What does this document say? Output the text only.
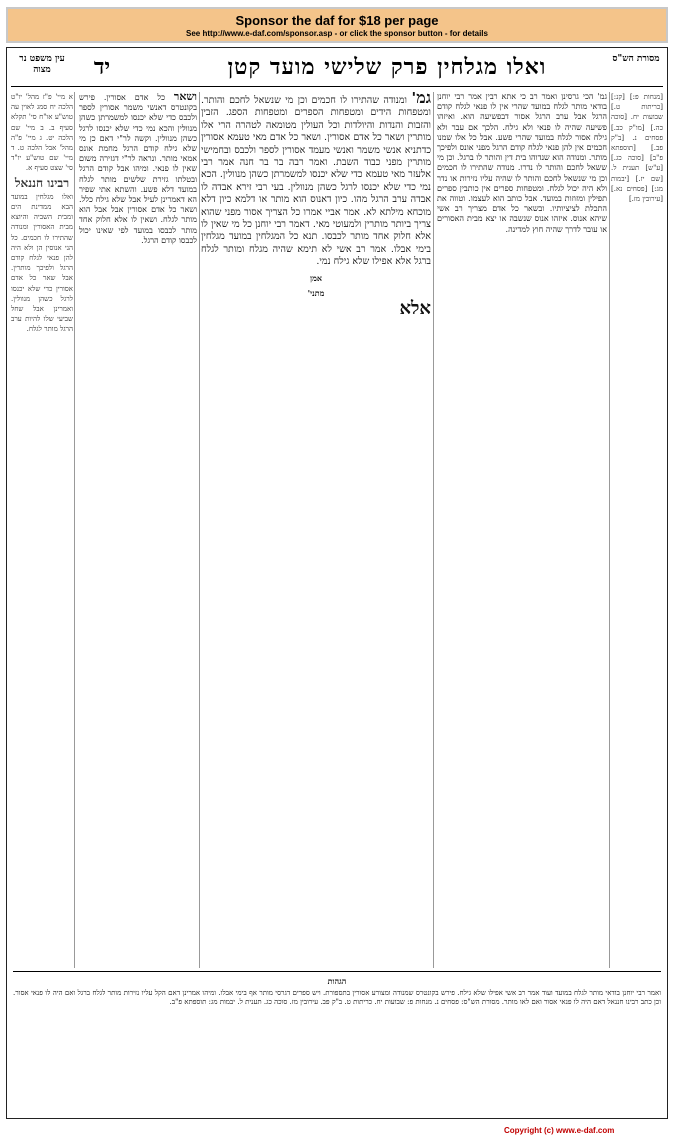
Sponsor the daf for $18 per page
See http://www.e-daf.com/sponsor.asp - or click the sponsor button - for details
ואלו מגלחין פרק שלישי מועד קטן
יד	מסורת הש"ס
עין משפט נר מצוה
[מנחות פ:] [קנ:] [כריתות ט.] שבועות יח. [סוכה כה.] [מו"ק כב.] פסחים נ. [ב"ק פב.] [תוספתא פ"ב] [סוכה כג.] [ע"ש] תענית ל. [שם יז.] [יבמות מג:] [פסחים נא.] [עירובין מז.]
גמ' הכי גרסינן ואמר רב כי אתא רבין אמר רבי יוחנן בודאי מותר לגלח במועד שהרי אין לו פנאי לגלח קודם הרגל אבל ערב הרגל אסור דבפשיעה הוא. ואיזהו פשיעה שהיה לו פנאי ולא גילח. הלכך אם עבר ולא גילח אסור לגלח במועד שהרי פשע. אבל כל אלו שמנו חכמים אין להן פנאי לגלח קודם הרגל מפני אונס ולפיכך מותר. ומנודה הוא שנדוהו בית דין והותר לו ברגל. וכן מי ששאל לחכם והותר לו נדרו. מנודה שהתירו לו חכמים וכן מי שנשאל לחכם והותר לו שהיה עליו נזירות או נדר ולא היה יכול לגלח. ומטפחות ספרים אין כותבין ספרים תפילין ומזוזות במועד. אבל כותב הוא לעצמו. וטווה את התכלת לציציותיו. ובשאר כל אדם מצריך רב אשי שיהא אנוס. איזהו אנוס שנשבה או יצא מבית האסורים או עובר לדרך שהיה חוץ למדינה.
גמ' ומנודה שהתירו לו חכמים וכן מי שנשאל לחכם והותר. ומטפחות הידים ומטפחות הספרים ומטפחות הספג. הזבין והזבות והנדות והיולדות וכל העולין מטומאה לטהרה הרי אלו מותרין ושאר כל אדם אסורין. ושאר כל אדם מאי טעמא אסורין כדתניא אנשי משמר ואנשי מעמד אסורין לספר ולכבס ובחמישי מותרין מפני כבוד השבת. ואמר רבה בר בר חנה אמר רבי אלעזר מאי טעמא כדי שלא יכנסו למשמרתן כשהן מנוולין. הכא נמי כדי שלא יכנסו לרגל כשהן מנוולין. בעי רבי זירא אבדה לו אבדה ערב הרגל מהו. כיון דאנוס הוא מותר או דלמא כיון דלא מוכחא מילתא לא. אמר אביי אמרו כל הצריך אסור מפני שהוא צריך ביותר מותרין ולמעוטי מאי. דאמר רבי יוחנן כל מי שאין לו אלא חלוק אחד מותר לכבסו. תנא כל המגלחין במועד מגלחין בימי אבלו. אמר רב אשי לא תימא שהיה מגלח ומותר לגלח ברגל אלא אפילו שלא גילח נמי.
אמן
מתני'
אלא
ושאר כל אדם אסורין. פירש בקונטרס דאנשי משמר אסורין לספר ולכבס כדי שלא יכנסו למשמרתן כשהן מנוולין והכא נמי כדי שלא יכנסו לרגל כשהן מנוולין. וקשה לר"י דאם כן מי שלא גילח קודם הרגל מחמת אונס אמאי מותר. ונראה לר"י דגזירה משום שאין לו פנאי. ומיהו אבל קודם הרגל ובטלתו גזירת שלשים מותר לגלח במועד דלא פשע. והשתא אתי שפיר הא דאמרינן לעיל אבל שלא גילח כלל. ושאר כל אדם אסורין אבל אבל הוא מותר לגלח. ושאין לו אלא חלוק אחד מותר לכבסו במועד לפי שאינו יכול לכבסו קודם הרגל.
א מיי' פ"ז מהל' יו"ט הלכה יח סמג לאוין עה טוש"ע או"ח סי' תקלא סעיף ב. ב מיי' שם הלכה יט. ג מיי' פ"ה מהל' אבל הלכה ט. ד מיי' שם טוש"ע יו"ד סי' שצט סעיף א.
רבינו חננאל
ואלו מגלחין במועד הבא ממדינת הים ומבית השביה והיוצא מבית האסורין ומנודה שהתירו לו חכמים. כל הני אנוסין הן ולא היה להן פנאי לגלח קודם הרגל ולפיכך מותרין. אבל שאר כל אדם אסורין כדי שלא יכנסו לרגל כשהן מנוולין. ואמרינן אבל שחל שביעי שלו להיות ערב הרגל מותר לגלח.
הגהות
ואמר רבי יוחנן בודאי מותר לגלח במועד ועוד אמר רב אשי אפילו שלא גילח. פירש בקונטרס שמנודה ומצורע אסורין בתספורת. ויש ספרים דגרסי מותר אף בימי אבלו. ומיהו אמרינן דאם הקל עליו נזירות מותר לגלח ברגל ואם היה לו פנאי אסור. וכן כתב רבינו חננאל דאם היה לו פנאי אסור ואם לאו מותר. מסורת הש"ס: פסחים נ. מנחות פ: שבועות יח. כריתות ט. ב"ק פב. עירובין מז. סוכה כג. תענית ל. יבמות מג: תוספתא פ"ב.
Copyright (c) www.e-daf.com
